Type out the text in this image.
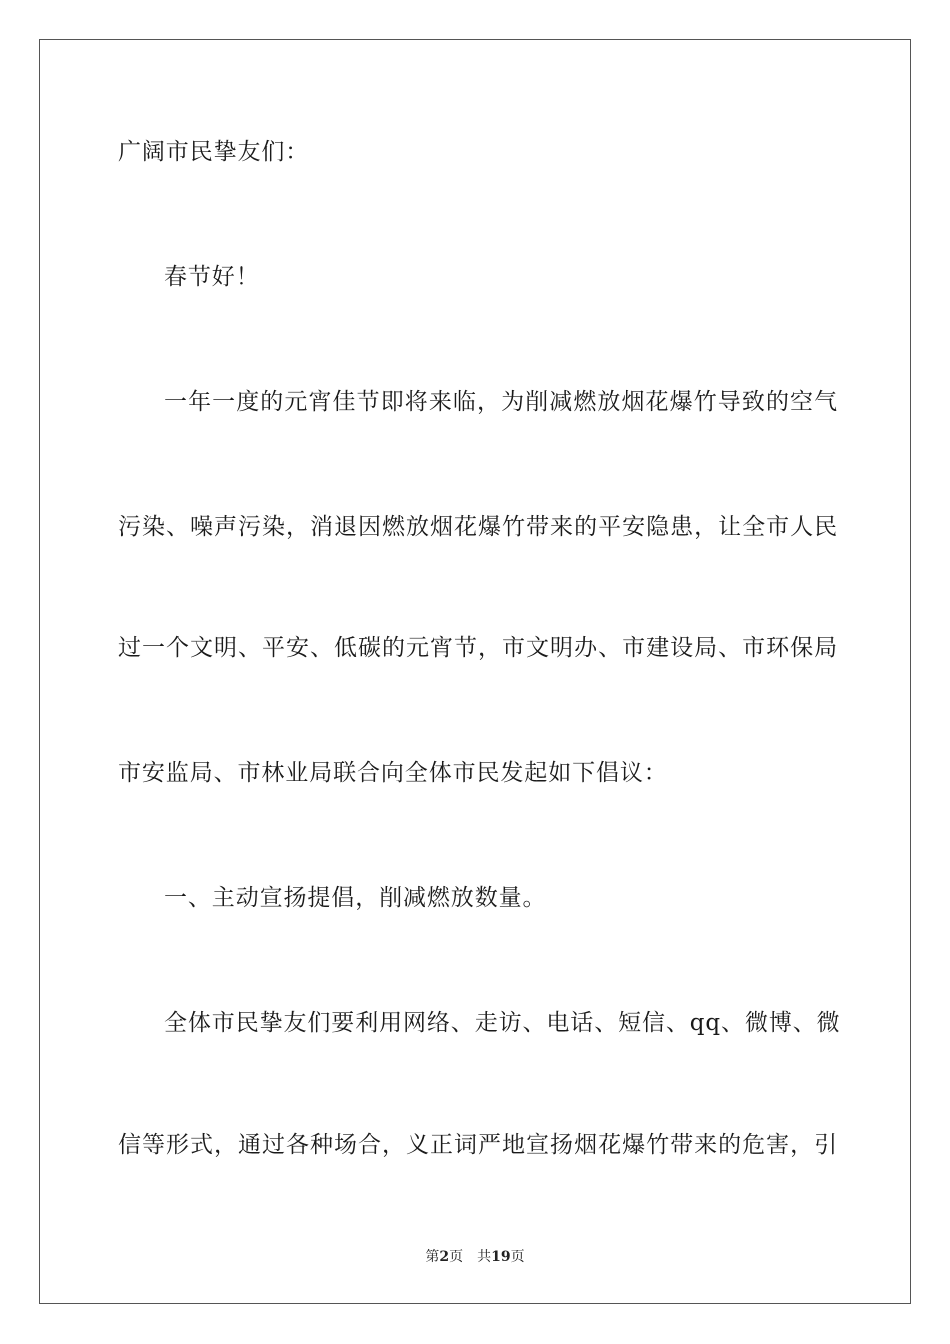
广阔市民挚友们：
春节好！
一年一度的元宵佳节即将来临，为削减燃放烟花爆竹导致的空气
污染、噪声污染，消退因燃放烟花爆竹带来的平安隐患，让全市人民
过一个文明、平安、低碳的元宵节，市文明办、市建设局、市环保局
市安监局、市林业局联合向全体市民发起如下倡议：
一、主动宣扬提倡，削减燃放数量。
全体市民挚友们要利用网络、走访、电话、短信、qq、微博、微
信等形式，通过各种场合，义正词严地宣扬烟花爆竹带来的危害，引
第2页 共19页
